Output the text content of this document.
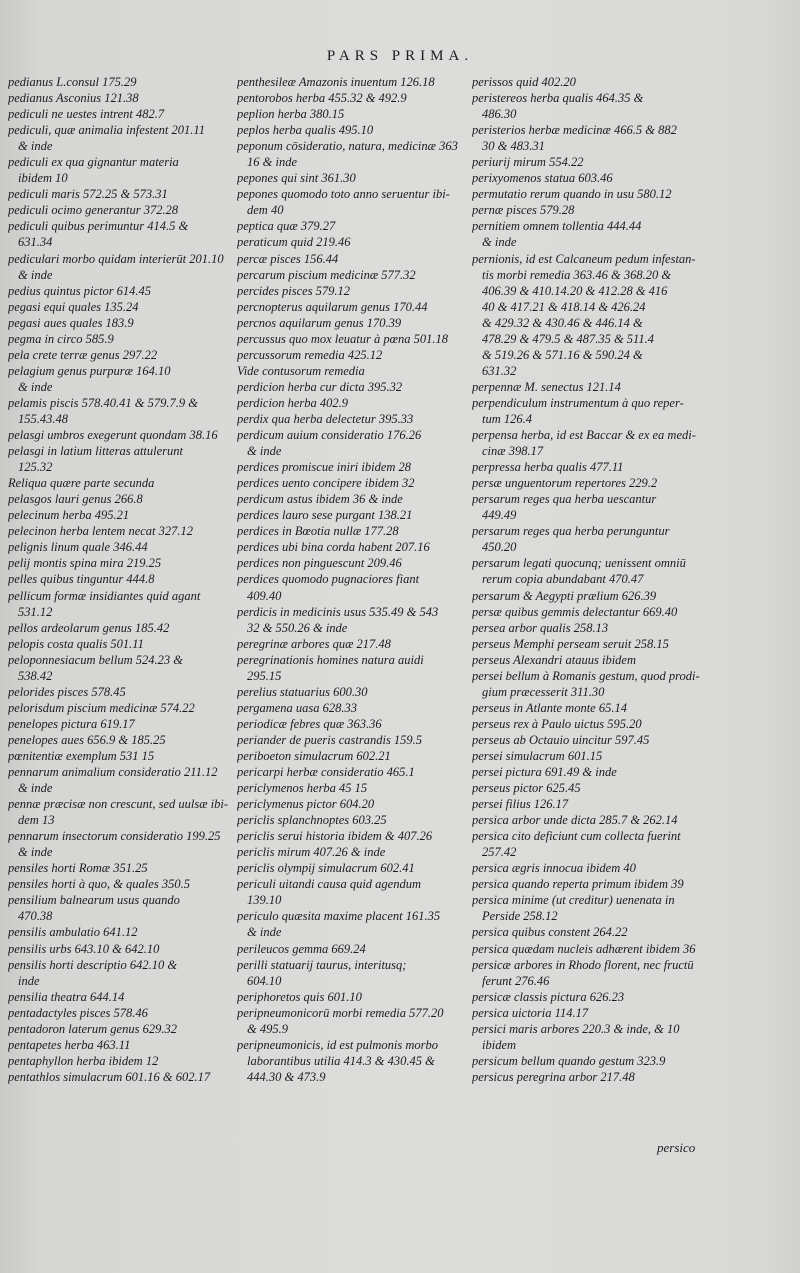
PARS PRIMA.
pedianus L.consul 175.29
pedianus Asconius 121.38
pediculi ne uestes intrent 482.7
pediculi, quæ animalia infestent 201.11
& inde
pediculi ex qua gignantur materia
ibidem 10
pediculi maris 572.25 & 573.31
pediculi ocimo generantur 372.28
pediculi quibus perimuntur 414.5 &
631.34
pediculari morbo quidam interierūt 201.10
& inde
pedius quintus pictor 614.45
pegasi equi quales 135.24
pegasi aues quales 183.9
pegma in circo 585.9
pela crete terræ genus 297.22
pelagium genus purpuræ 164.10
& inde
pelamis piscis 578.40.41 & 579.7.9 &
155.43.48
pelasgi umbros exegerunt quondam 38.16
pelasgi in latium litteras attulerunt
125.32
Reliqua quære parte secunda
pelasgos lauri genus 266.8
pelecinum herba 495.21
pelecinon herba lentem necat 327.12
pelignis linum quale 346.44
pelij montis spina mira 219.25
pelles quibus tinguntur 444.8
pellicum formæ insidiantes quid agant
531.12
pellos ardeolarum genus 185.42
pelopis costa qualis 501.11
peloponnesiacum bellum 524.23 &
538.42
pelorides pisces 578.45
pelorisdum piscium medicinæ 574.22
penelopes pictura 619.17
penelopes aues 656.9 & 185.25
pœnitentiæ exemplum 531 15
pennarum animalium consideratio 211.12
& inde
pennæ præcisæ non crescunt, sed uulsæ ibi-
dem 13
pennarum insectorum consideratio 199.25
& inde
pensiles horti Romæ 351.25
pensiles horti à quo, & quales 350.5
pensilium balnearum usus quando
470.38
pensilis ambulatio 641.12
pensilis urbs 643.10 & 642.10
pensilis horti descriptio 642.10 &
inde
pensilia theatra 644.14
pentadactyles pisces 578.46
pentadoron laterum genus 629.32
pentapetes herba 463.11
pentaphyllon herba ibidem 12
pentathlos simulacrum 601.16 & 602.17
penthesileæ Amazonis inuentum 126.18
pentorobos herba 455.32 & 492.9
peplion herba 380.15
peplos herba qualis 495.10
peponum cōsideratio, natura, medicinæ 363
16 & inde
pepones qui sint 361.30
pepones quomodo toto anno seruentur ibi-
dem 40
peptica quæ 379.27
peraticum quid 219.46
percæ pisces 156.44
percarum piscium medicinæ 577.32
percides pisces 579.12
percnopterus aquilarum genus 170.44
percnos aquilarum genus 170.39
percussus quo mox leuatur à pœna 501.18
percussorum remedia 425.12
Vide contusorum remedia
perdicion herba cur dicta 395.32
perdicion herba 402.9
perdix qua herba delectetur 395.33
perdicum auium consideratio 176.26
& inde
perdices promiscue iniri ibidem 28
perdices uento concipere ibidem 32
perdicum astus ibidem 36 & inde
perdices lauro sese purgant 138.21
perdices in Bœotia nullæ 177.28
perdices ubi bina corda habent 207.16
perdices non pinguescunt 209.46
perdices quomodo pugnaciores fiant
409.40
perdicis in medicinis usus 535.49 & 543
32 & 550.26 & inde
peregrinæ arbores quæ 217.48
peregrinationis homines natura auidi
295.15
perelius statuarius 600.30
pergamena uasa 628.33
periodicæ febres quæ 363.36
periander de pueris castrandis 159.5
periboeton simulacrum 602.21
pericarpi herbæ consideratio 465.1
periclymenos herba 45 15
periclymenus pictor 604.20
periclis splanchnoptes 603.25
periclis serui historia ibidem & 407.26
periclis mirum 407.26 & inde
periclis olympij simulacrum 602.41
periculi uitandi causa quid agendum
139.10
periculo quæsita maxime placent 161.35
& inde
perileucos gemma 669.24
perilli statuarij taurus, interitusq;
604.10
periphoretos quis 601.10
peripneumonicorū morbi remedia 577.20
& 495.9
peripneumonicis, id est pulmonis morbo
laborantibus utilia 414.3 & 430.45 &
444.30 & 473.9
perissos quid 402.20
peristereos herba qualis 464.35 &
486.30
peristerios herbæ medicinæ 466.5 & 882
30 & 483.31
periurij mirum 554.22
perixyomenos statua 603.46
permutatio rerum quando in usu 580.12
pernæ pisces 579.28
pernitiem omnem tollentia 444.44
& inde
pernionis, id est Calcaneum pedum infestan-
tis morbi remedia 363.46 & 368.20 &
406.39 & 410.14.20 & 412.28 & 416
40 & 417.21 & 418.14 & 426.24
& 429.32 & 430.46 & 446.14 &
478.29 & 479.5 & 487.35 & 511.4
& 519.26 & 571.16 & 590.24 &
631.32
perpennæ M. senectus 121.14
perpendiculum instrumentum à quo reper-
tum 126.4
perpensa herba, id est Baccar & ex ea medi-
cinæ 398.17
perpressa herba qualis 477.11
persæ unguentorum repertores 229.2
persarum reges qua herba uescantur
449.49
persarum reges qua herba perunguntur
450.20
persarum legati quocunq; uenissent omniū
rerum copia abundabant 470.47
persarum & Aegypti prælium 626.39
persæ quibus gemmis delectantur 669.40
persea arbor qualis 258.13
perseus Memphi perseam seruit 258.15
perseus Alexandri atauus ibidem
persei bellum à Romanis gestum, quod prodi-
gium præcesserit 311.30
perseus in Atlante monte 65.14
perseus rex à Paulo uictus 595.20
perseus ab Octauio uincitur 597.45
persei simulacrum 601.15
persei pictura 691.49 & inde
perseus pictor 625.45
persei filius 126.17
persica arbor unde dicta 285.7 & 262.14
persica cito deficiunt cum collecta fuerint
257.42
persica ægris innocua ibidem 40
persica quando reperta primum ibidem 39
persica minime (ut creditur) uenenata in
Perside 258.12
persica quibus constent 264.22
persica quædam nucleis adhærent ibidem 36
persicæ arbores in Rhodo florent, nec fructū
ferunt 276.46
persicæ classis pictura 626.23
persica uictoria 114.17
persici maris arbores 220.3 & inde, & 10
ibidem
persicum bellum quando gestum 323.9
persicus peregrina arbor 217.48
persico
